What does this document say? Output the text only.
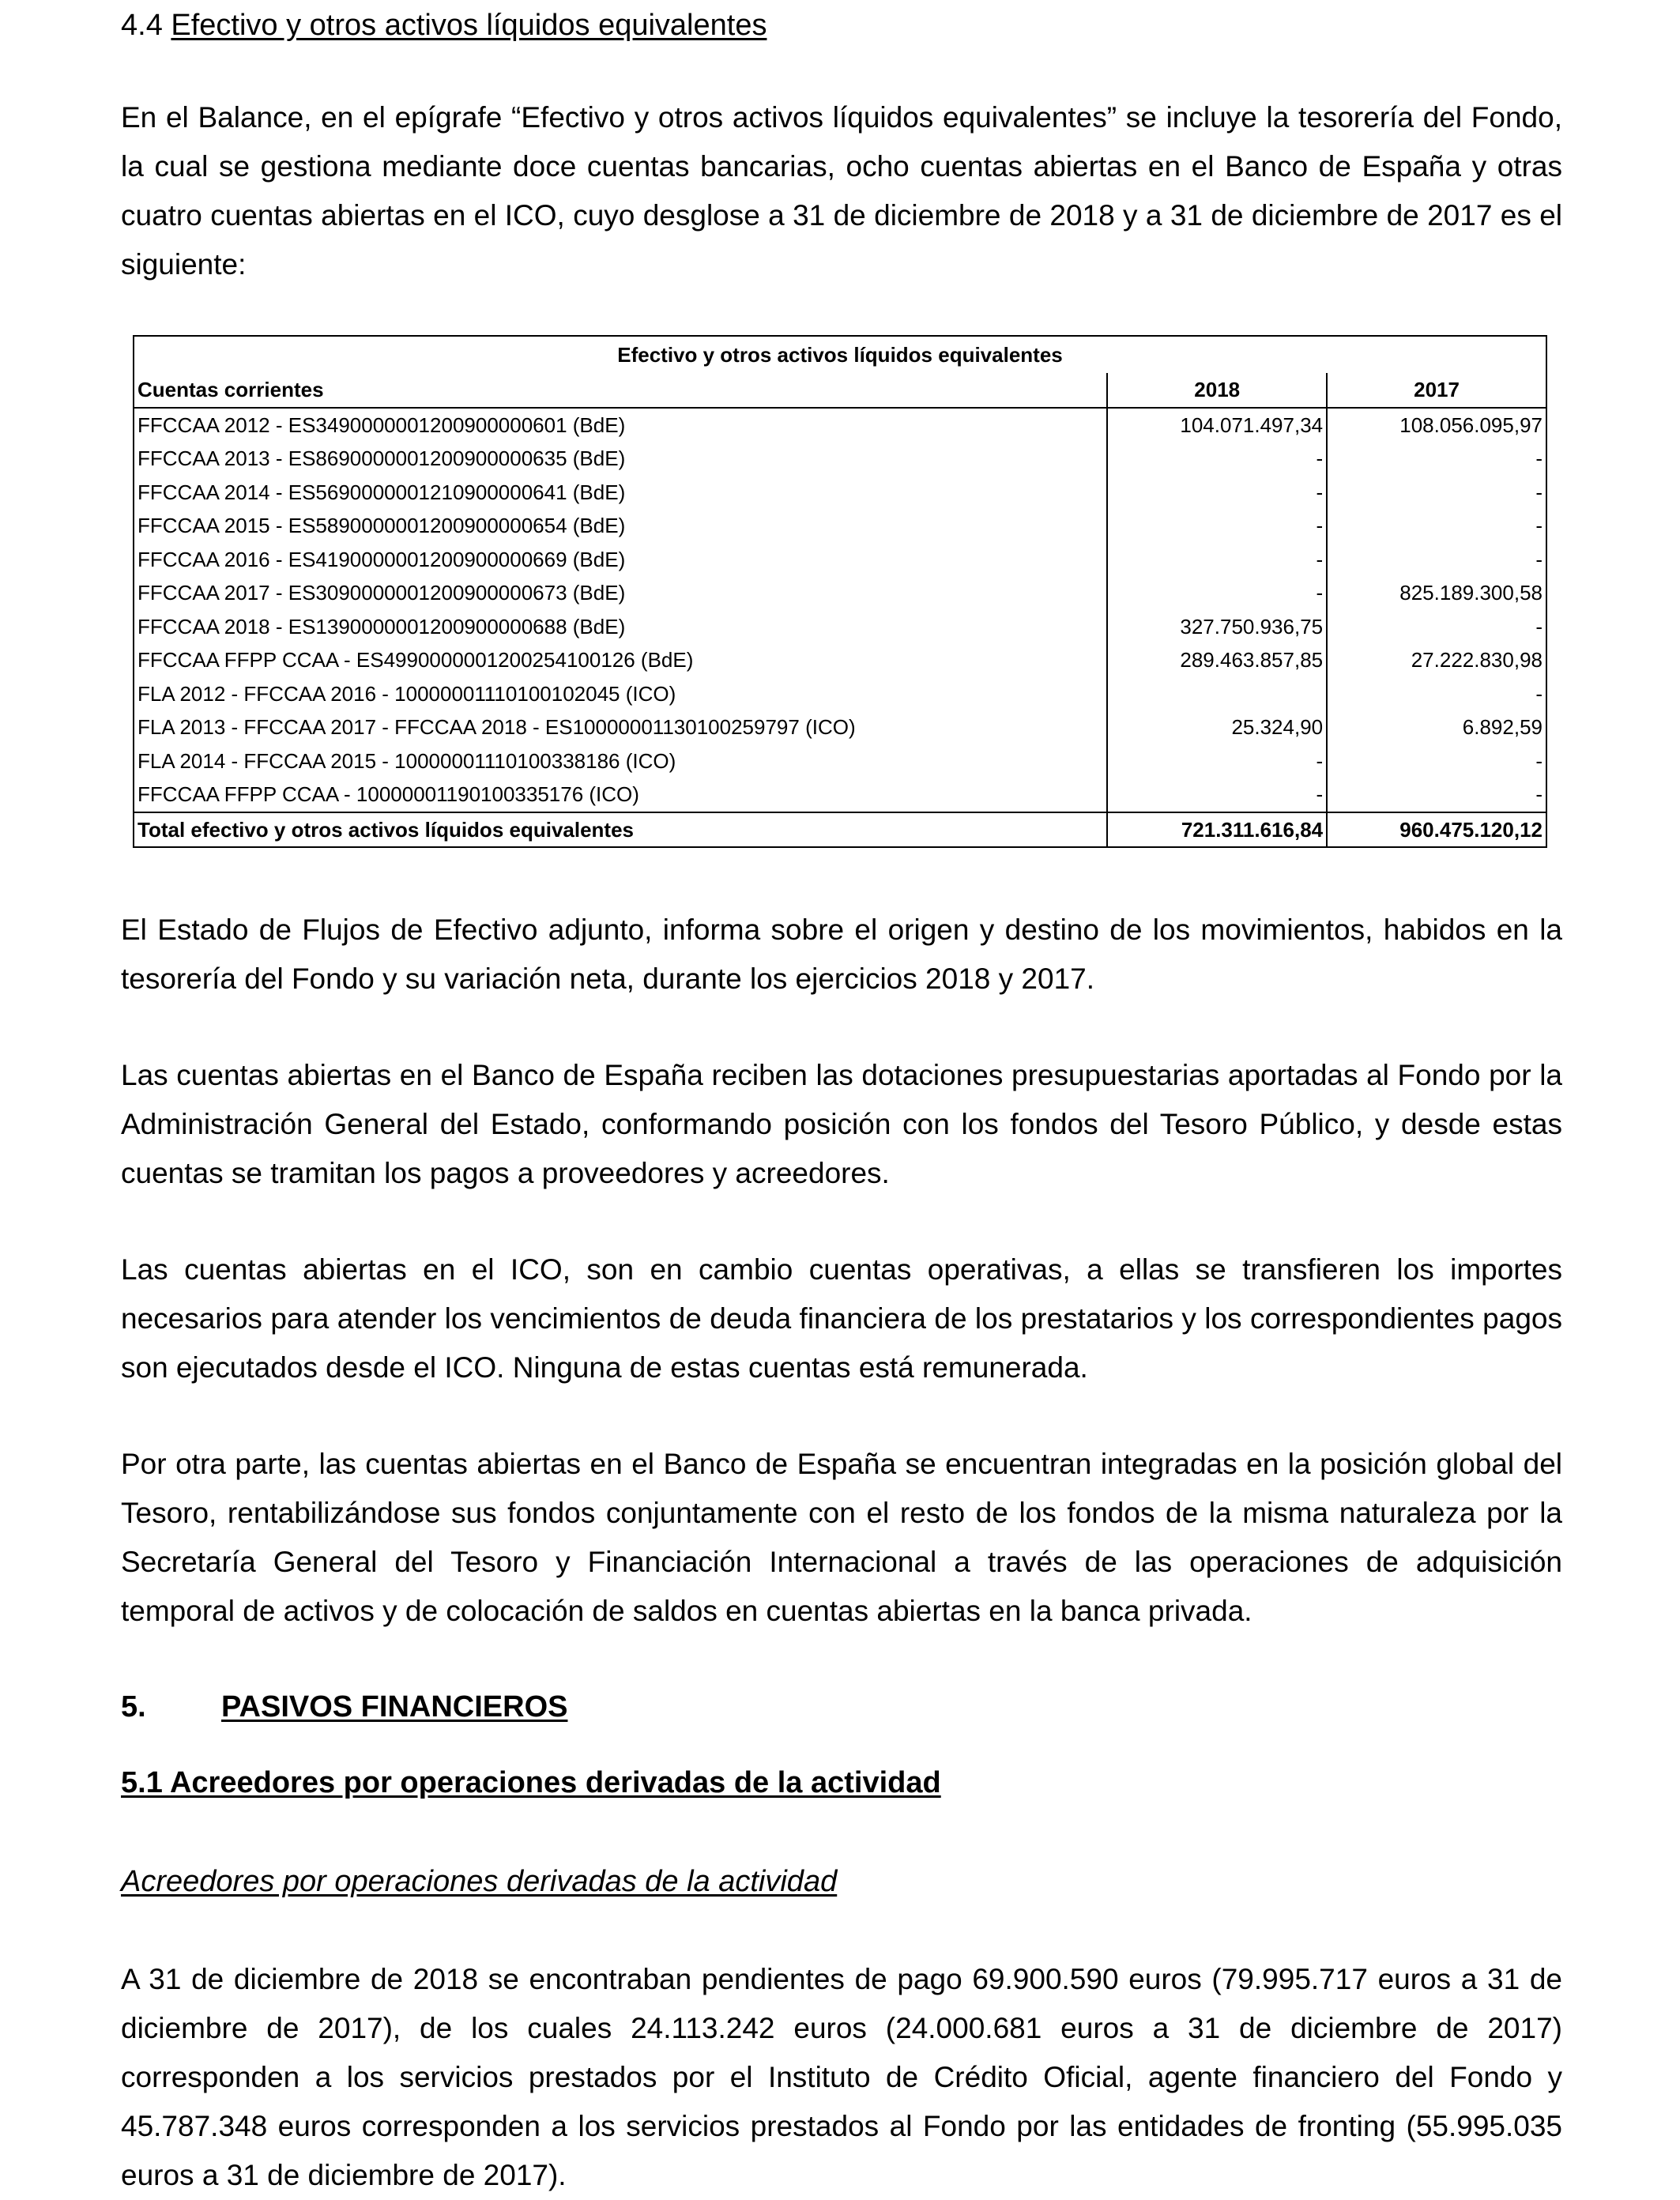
4.4 Efectivo y otros activos líquidos equivalentes

En el Balance, en el epígrafe “Efectivo y otros activos líquidos equivalentes” se incluye la tesorería del Fondo, la cual se gestiona mediante doce cuentas bancarias, ocho cuentas abiertas en el Banco de España y otras cuatro cuentas abiertas en el ICO, cuyo desglose a 31 de diciembre de 2018 y a 31 de diciembre de 2017 es el siguiente:

Efectivo y otros activos líquidos equivalentes		
Cuentas corrientes	2018	2017
FFCCAA 2012 - ES3490000001200900000601 (BdE)	104.071.497,34	108.056.095,97
FFCCAA 2013 - ES8690000001200900000635 (BdE)	-	-
FFCCAA 2014 - ES5690000001210900000641 (BdE)	-	-
FFCCAA 2015 - ES5890000001200900000654 (BdE)	-	-
FFCCAA 2016 - ES4190000001200900000669 (BdE)	-	-
FFCCAA 2017 - ES3090000001200900000673 (BdE)	-	825.189.300,58
FFCCAA 2018 - ES1390000001200900000688 (BdE)	327.750.936,75	-
FFCCAA FFPP CCAA - ES4990000001200254100126 (BdE)	289.463.857,85	27.222.830,98
FLA 2012 - FFCCAA 2016 - 10000001110100102045 (ICO)		-
FLA 2013 - FFCCAA 2017 - FFCCAA 2018 - ES10000001130100259797 (ICO)	25.324,90	6.892,59
FLA 2014 - FFCCAA 2015 - 10000001110100338186 (ICO)	-	-
FFCCAA FFPP CCAA - 10000001190100335176 (ICO)	-	-
Total efectivo y otros activos líquidos equivalentes	721.311.616,84	960.475.120,12

El Estado de Flujos de Efectivo adjunto, informa sobre el origen y destino de los movimientos, habidos en la tesorería del Fondo y su variación neta, durante los ejercicios 2018 y 2017.

Las cuentas abiertas en el Banco de España reciben las dotaciones presupuestarias aportadas al Fondo por la Administración General del Estado, conformando posición con los fondos del Tesoro Público, y desde estas cuentas se tramitan los pagos a proveedores y acreedores.

Las cuentas abiertas en el ICO, son en cambio cuentas operativas, a ellas se transfieren los importes necesarios para atender los vencimientos de deuda financiera de los prestatarios y los correspondientes pagos son ejecutados desde el ICO. Ninguna de estas cuentas está remunerada.

Por otra parte, las cuentas abiertas en el Banco de España se encuentran integradas en la posición global del Tesoro, rentabilizándose sus fondos conjuntamente con el resto de los fondos de la misma naturaleza por la Secretaría General del Tesoro y Financiación Internacional a través de las operaciones de adquisición temporal de activos y de colocación de saldos en cuentas abiertas en la banca privada.

5.	PASIVOS FINANCIEROS
5.1 Acreedores por operaciones derivadas de la actividad
Acreedores por operaciones derivadas de la actividad

A 31 de diciembre de 2018 se encontraban pendientes de pago 69.900.590 euros (79.995.717 euros a 31 de diciembre de 2017), de los cuales 24.113.242 euros (24.000.681 euros a 31 de diciembre de 2017) corresponden a los servicios prestados por el Instituto de Crédito Oficial, agente financiero del Fondo y 45.787.348 euros corresponden a los servicios prestados al Fondo por las entidades de fronting (55.995.035 euros a 31 de diciembre de 2017).
